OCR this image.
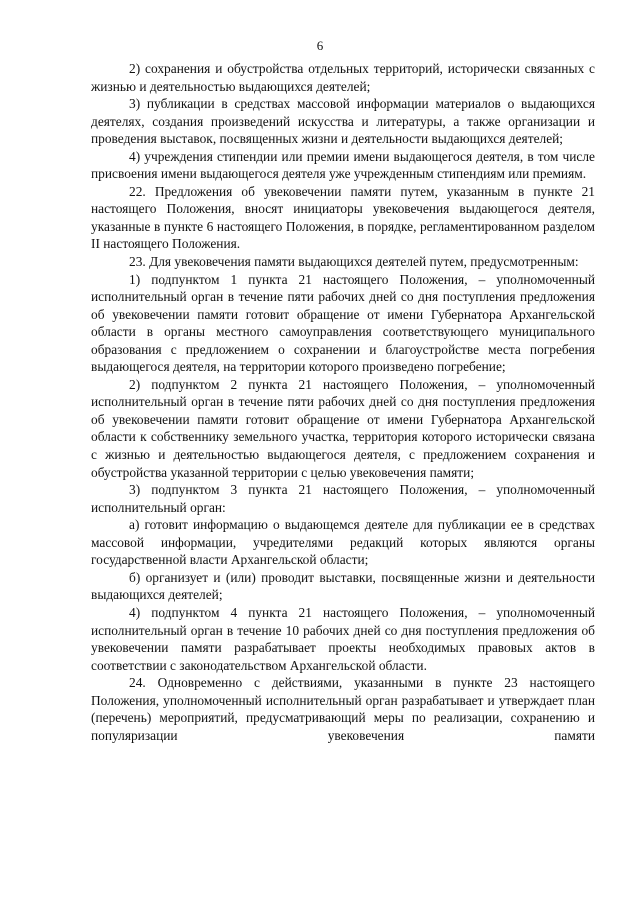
6

2) сохранения и обустройства отдельных территорий, исторически связанных с жизнью и деятельностью выдающихся деятелей;

3) публикации в средствах массовой информации материалов о выдающихся деятелях, создания произведений искусства и литературы, а также организации и проведения выставок, посвященных жизни и деятельности выдающихся деятелей;

4) учреждения стипендии или премии имени выдающегося деятеля, в том числе присвоения имени выдающегося деятеля уже учрежденным стипендиям или премиям.

22. Предложения об увековечении памяти путем, указанным в пункте 21 настоящего Положения, вносят инициаторы увековечения выдающегося деятеля, указанные в пункте 6 настоящего Положения, в порядке, регламентированном разделом II настоящего Положения.

23. Для увековечения памяти выдающихся деятелей путем, предусмотренным:

1) подпунктом 1 пункта 21 настоящего Положения, – уполномоченный исполнительный орган в течение пяти рабочих дней со дня поступления предложения об увековечении памяти готовит обращение от имени Губернатора Архангельской области в органы местного самоуправления соответствующего муниципального образования с предложением о сохранении и благоустройстве места погребения выдающегося деятеля, на территории которого произведено погребение;

2) подпунктом 2 пункта 21 настоящего Положения, – уполномоченный исполнительный орган в течение пяти рабочих дней со дня поступления предложения об увековечении памяти готовит обращение от имени Губернатора Архангельской области к собственнику земельного участка, территория которого исторически связана с жизнью и деятельностью выдающегося деятеля, с предложением сохранения и обустройства указанной территории с целью увековечения памяти;

3) подпунктом 3 пункта 21 настоящего Положения, – уполномоченный исполнительный орган:

а) готовит информацию о выдающемся деятеле для публикации ее в средствах массовой информации, учредителями редакций которых являются органы государственной власти Архангельской области;

б) организует и (или) проводит выставки, посвященные жизни и деятельности выдающихся деятелей;

4) подпунктом 4 пункта 21 настоящего Положения, – уполномоченный исполнительный орган в течение 10 рабочих дней со дня поступления предложения об увековечении памяти разрабатывает проекты необходимых правовых актов в соответствии с законодательством Архангельской области.

24. Одновременно с действиями, указанными в пункте 23 настоящего Положения, уполномоченный исполнительный орган разрабатывает и утверждает план (перечень) мероприятий, предусматривающий меры по реализации, сохранению и популяризации увековечения памяти
